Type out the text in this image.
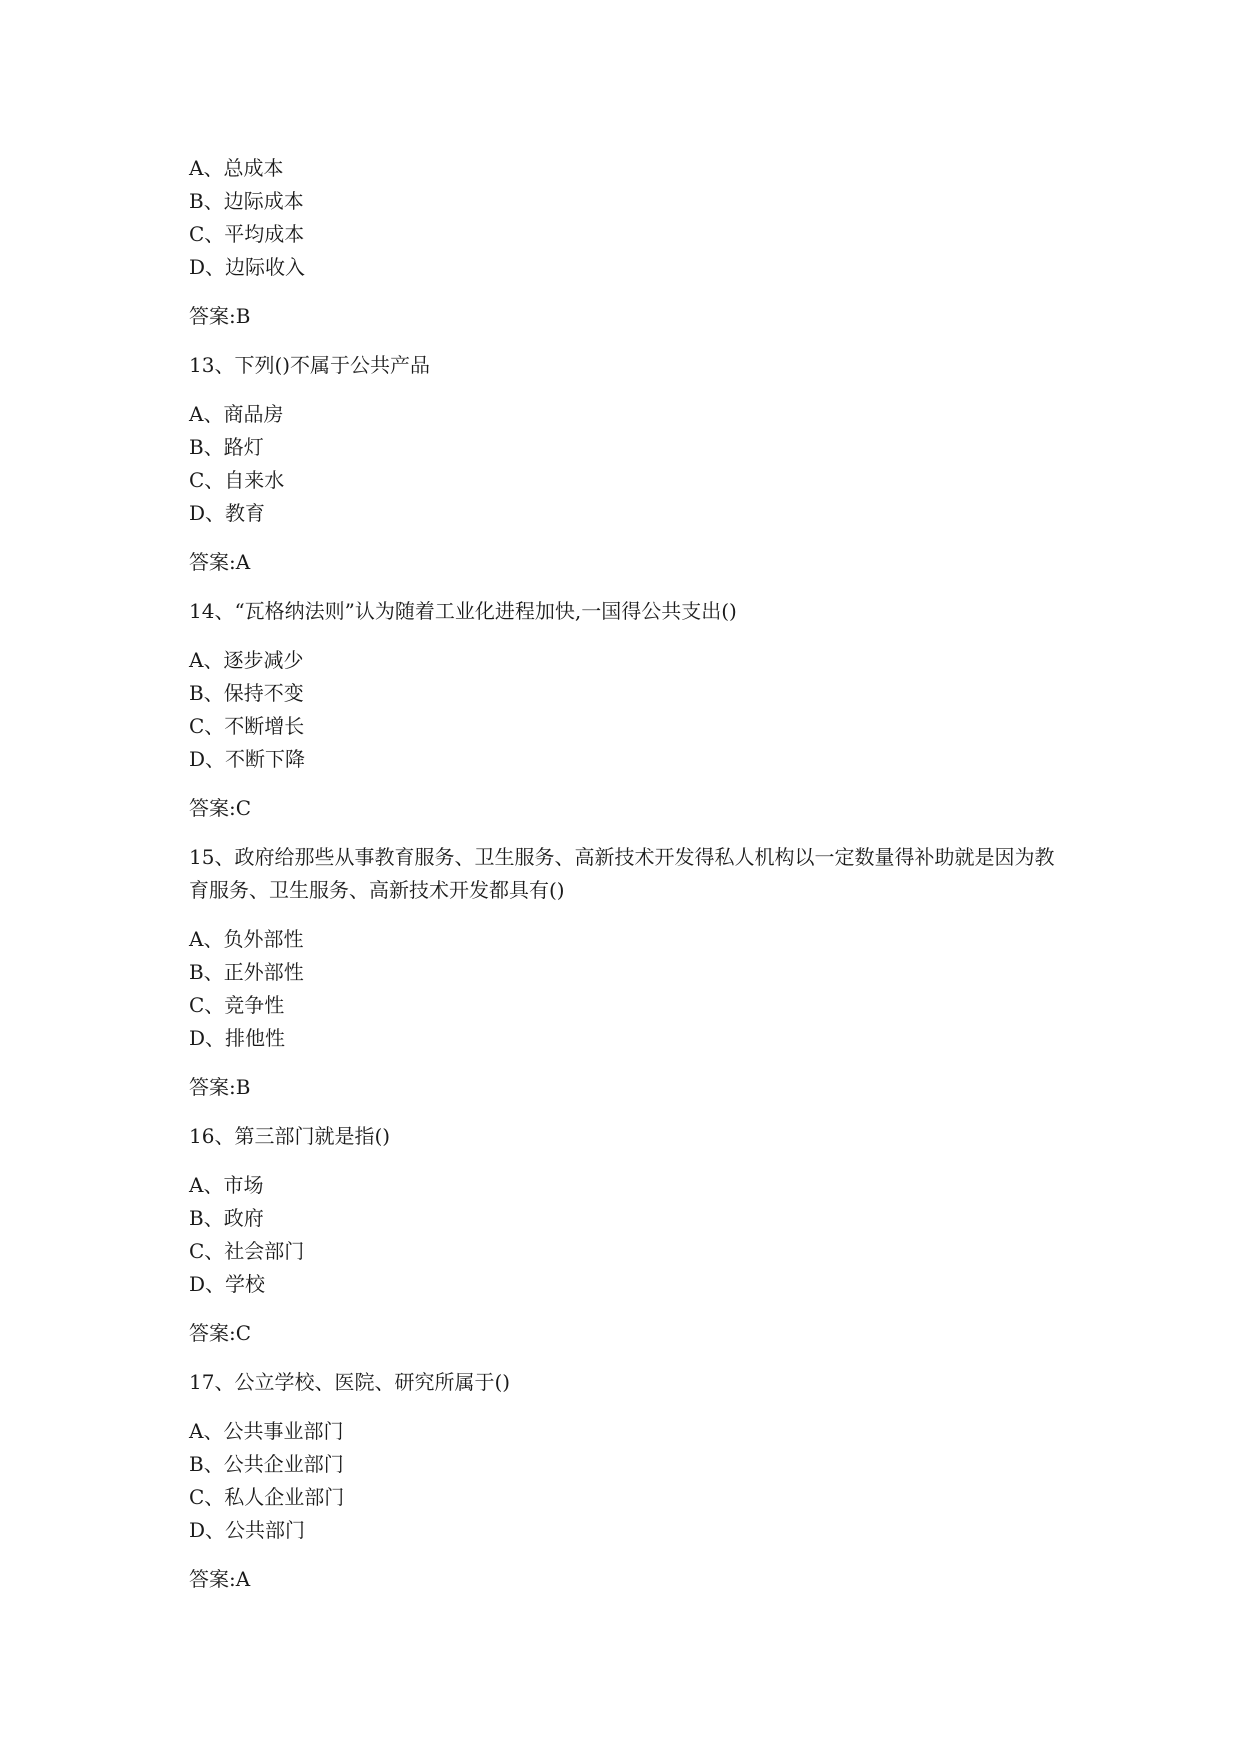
A、总成本
B、边际成本
C、平均成本
D、边际收入
答案:B
13、下列()不属于公共产品
A、商品房
B、路灯
C、自来水
D、教育
答案:A
14、“瓦格纳法则”认为随着工业化进程加快,一国得公共支出()
A、逐步减少
B、保持不变
C、不断增长
D、不断下降
答案:C
15、政府给那些从事教育服务、卫生服务、高新技术开发得私人机构以一定数量得补助就是因为教育服务、卫生服务、高新技术开发都具有()
A、负外部性
B、正外部性
C、竞争性
D、排他性
答案:B
16、第三部门就是指()
A、市场
B、政府
C、社会部门
D、学校
答案:C
17、公立学校、医院、研究所属于()
A、公共事业部门
B、公共企业部门
C、私人企业部门
D、公共部门
答案:A
